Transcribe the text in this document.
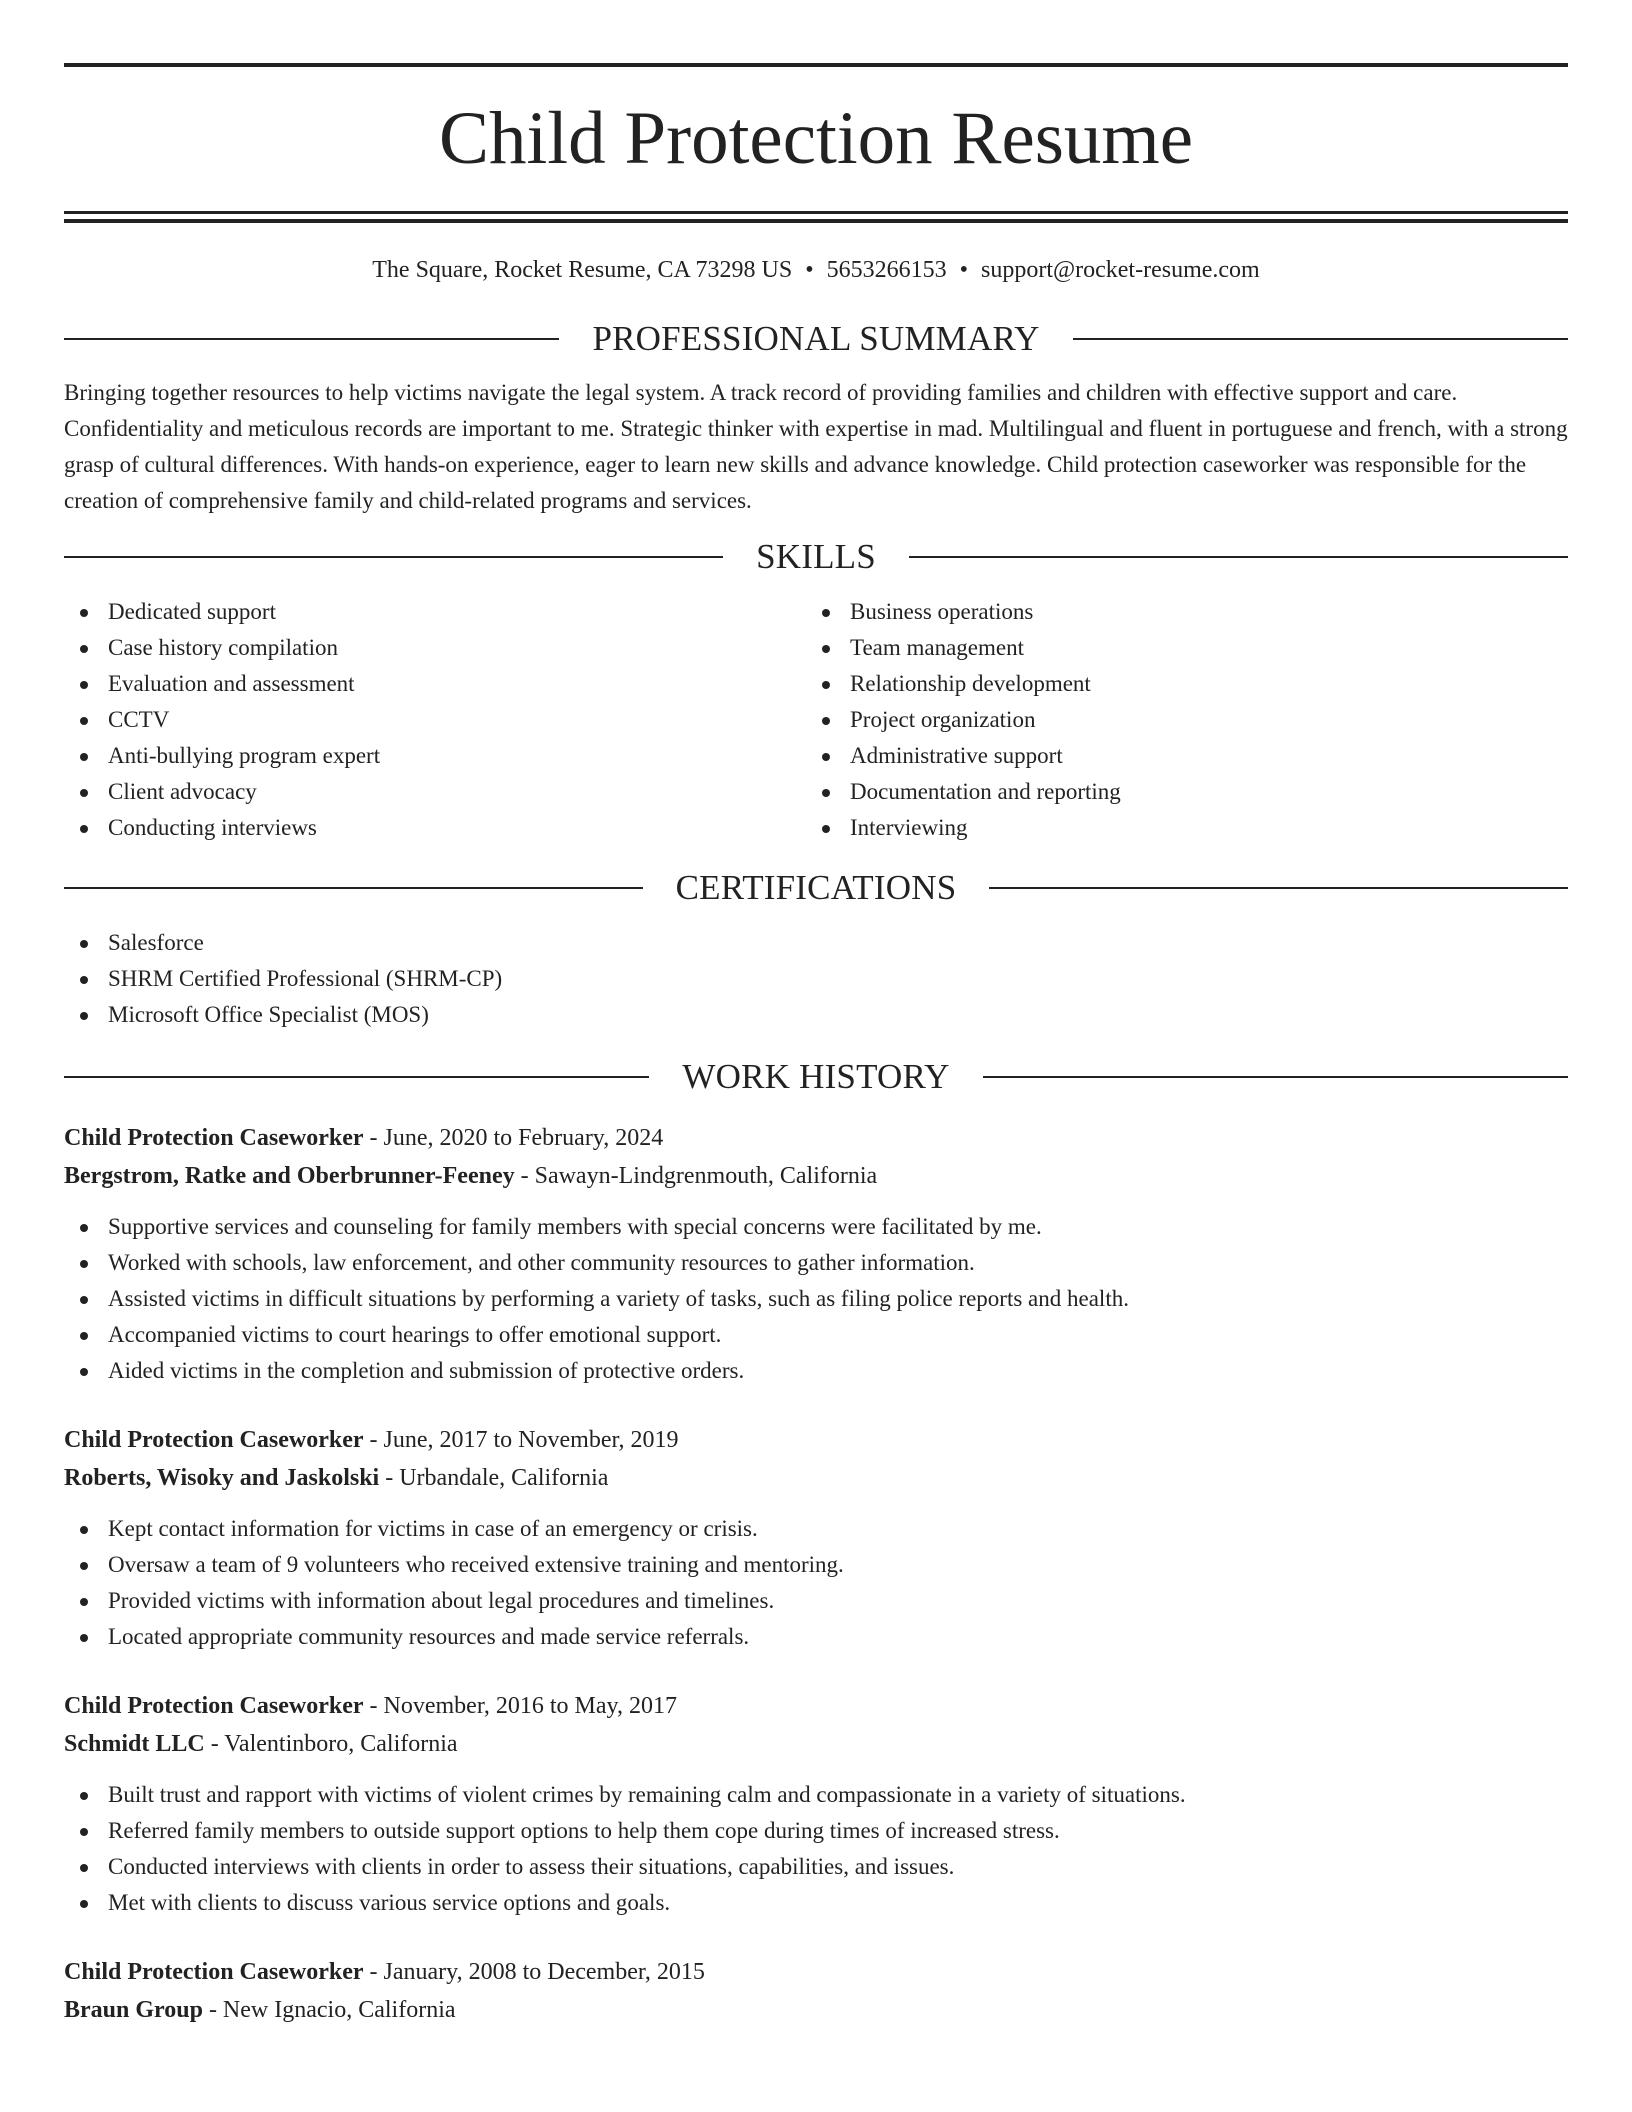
Child Protection Resume
The Square, Rocket Resume, CA 73298 US • 5653266153 • support@rocket-resume.com
PROFESSIONAL SUMMARY
Bringing together resources to help victims navigate the legal system. A track record of providing families and children with effective support and care. Confidentiality and meticulous records are important to me. Strategic thinker with expertise in mad. Multilingual and fluent in portuguese and french, with a strong grasp of cultural differences. With hands-on experience, eager to learn new skills and advance knowledge. Child protection caseworker was responsible for the creation of comprehensive family and child-related programs and services.
SKILLS
Dedicated support
Case history compilation
Evaluation and assessment
CCTV
Anti-bullying program expert
Client advocacy
Conducting interviews
Business operations
Team management
Relationship development
Project organization
Administrative support
Documentation and reporting
Interviewing
CERTIFICATIONS
Salesforce
SHRM Certified Professional (SHRM-CP)
Microsoft Office Specialist (MOS)
WORK HISTORY
Child Protection Caseworker - June, 2020 to February, 2024
Bergstrom, Ratke and Oberbrunner-Feeney - Sawayn-Lindgrenmouth, California
Supportive services and counseling for family members with special concerns were facilitated by me.
Worked with schools, law enforcement, and other community resources to gather information.
Assisted victims in difficult situations by performing a variety of tasks, such as filing police reports and health.
Accompanied victims to court hearings to offer emotional support.
Aided victims in the completion and submission of protective orders.
Child Protection Caseworker - June, 2017 to November, 2019
Roberts, Wisoky and Jaskolski - Urbandale, California
Kept contact information for victims in case of an emergency or crisis.
Oversaw a team of 9 volunteers who received extensive training and mentoring.
Provided victims with information about legal procedures and timelines.
Located appropriate community resources and made service referrals.
Child Protection Caseworker - November, 2016 to May, 2017
Schmidt LLC - Valentinboro, California
Built trust and rapport with victims of violent crimes by remaining calm and compassionate in a variety of situations.
Referred family members to outside support options to help them cope during times of increased stress.
Conducted interviews with clients in order to assess their situations, capabilities, and issues.
Met with clients to discuss various service options and goals.
Child Protection Caseworker - January, 2008 to December, 2015
Braun Group - New Ignacio, California
